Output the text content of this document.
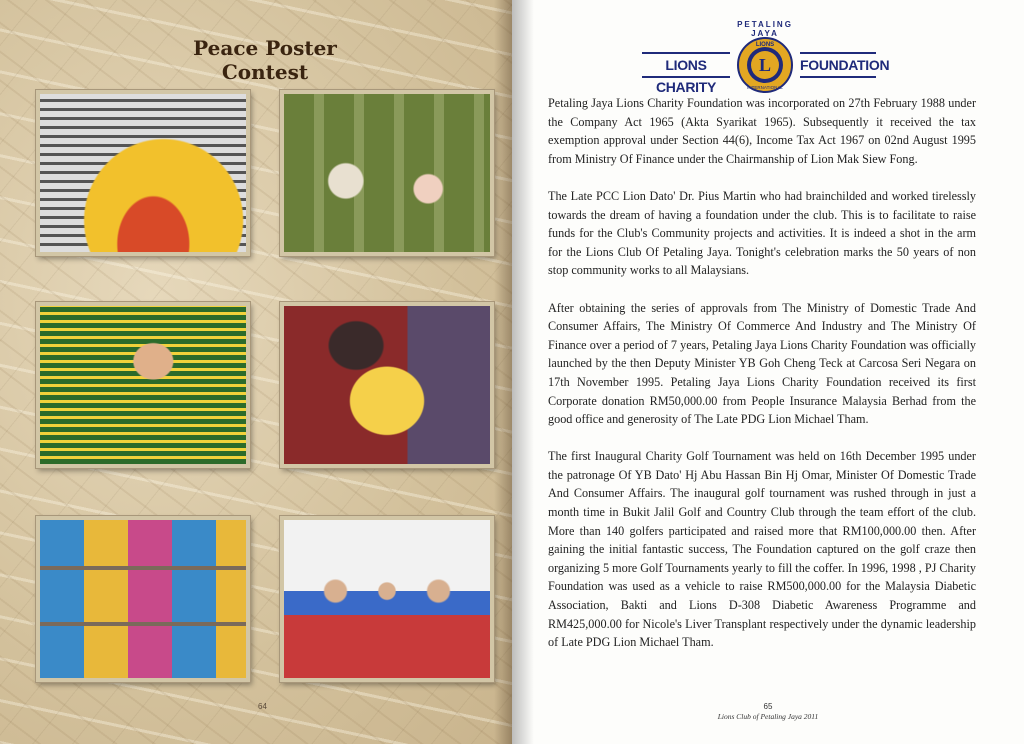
Peace Poster Contest
64	65
Lions Club of Petaling Jaya 2011
PETALING JAYA
LIONS CHARITY
L
LIONS
INTERNATIONAL
FOUNDATION

Petaling Jaya Lions Charity Foundation was incorporated on 27th February 1988 under the Company Act 1965 (Akta Syarikat 1965). Subsequently it received the tax exemption approval under Section 44(6), Income Tax Act 1967 on 02nd August 1995 from Ministry Of Finance under the Chairmanship of Lion Mak Siew Fong.

The Late PCC Lion Dato' Dr. Pius Martin who had brainchilded and worked tirelessly towards the dream of having a foundation under the club. This is to facilitate to raise funds for the Club's Community projects and activities. It is indeed a shot in the arm for the Lions Club Of Petaling Jaya. Tonight's celebration marks the 50 years of non stop community works to all Malaysians.

After obtaining the series of approvals from The Ministry of Domestic Trade And Consumer Affairs, The Ministry Of Commerce And Industry and The Ministry Of Finance over a period of 7 years, Petaling Jaya Lions Charity Foundation was officially launched by the then Deputy Minister YB Goh Cheng Teck at Carcosa Seri Negara on 17th November 1995. Petaling Jaya Lions Charity Foundation received its first Corporate donation RM50,000.00 from People Insurance Malaysia Berhad from the good office and generosity of The Late PDG Lion Michael Tham.

The first Inaugural Charity Golf Tournament was held on 16th December 1995 under the patronage Of YB Dato' Hj Abu Hassan Bin Hj Omar, Minister Of Domestic Trade And Consumer Affairs. The inaugural golf tournament was rushed through in just a month time in Bukit Jalil Golf and Country Club through the team effort of the club. More than 140 golfers participated and raised more that RM100,000.00 then. After gaining the initial fantastic success, The Foundation captured on the golf craze then organizing 5 more Golf Tournaments yearly to fill the coffer. In 1996, 1998 , PJ Charity Foundation was used as a vehicle to raise RM500,000.00 for the Malaysia Diabetic Association, Bakti and Lions D-308 Diabetic Awareness Programme and RM425,000.00 for Nicole's Liver Transplant respectively under the dynamic leadership of Late PDG Lion Michael Tham.
